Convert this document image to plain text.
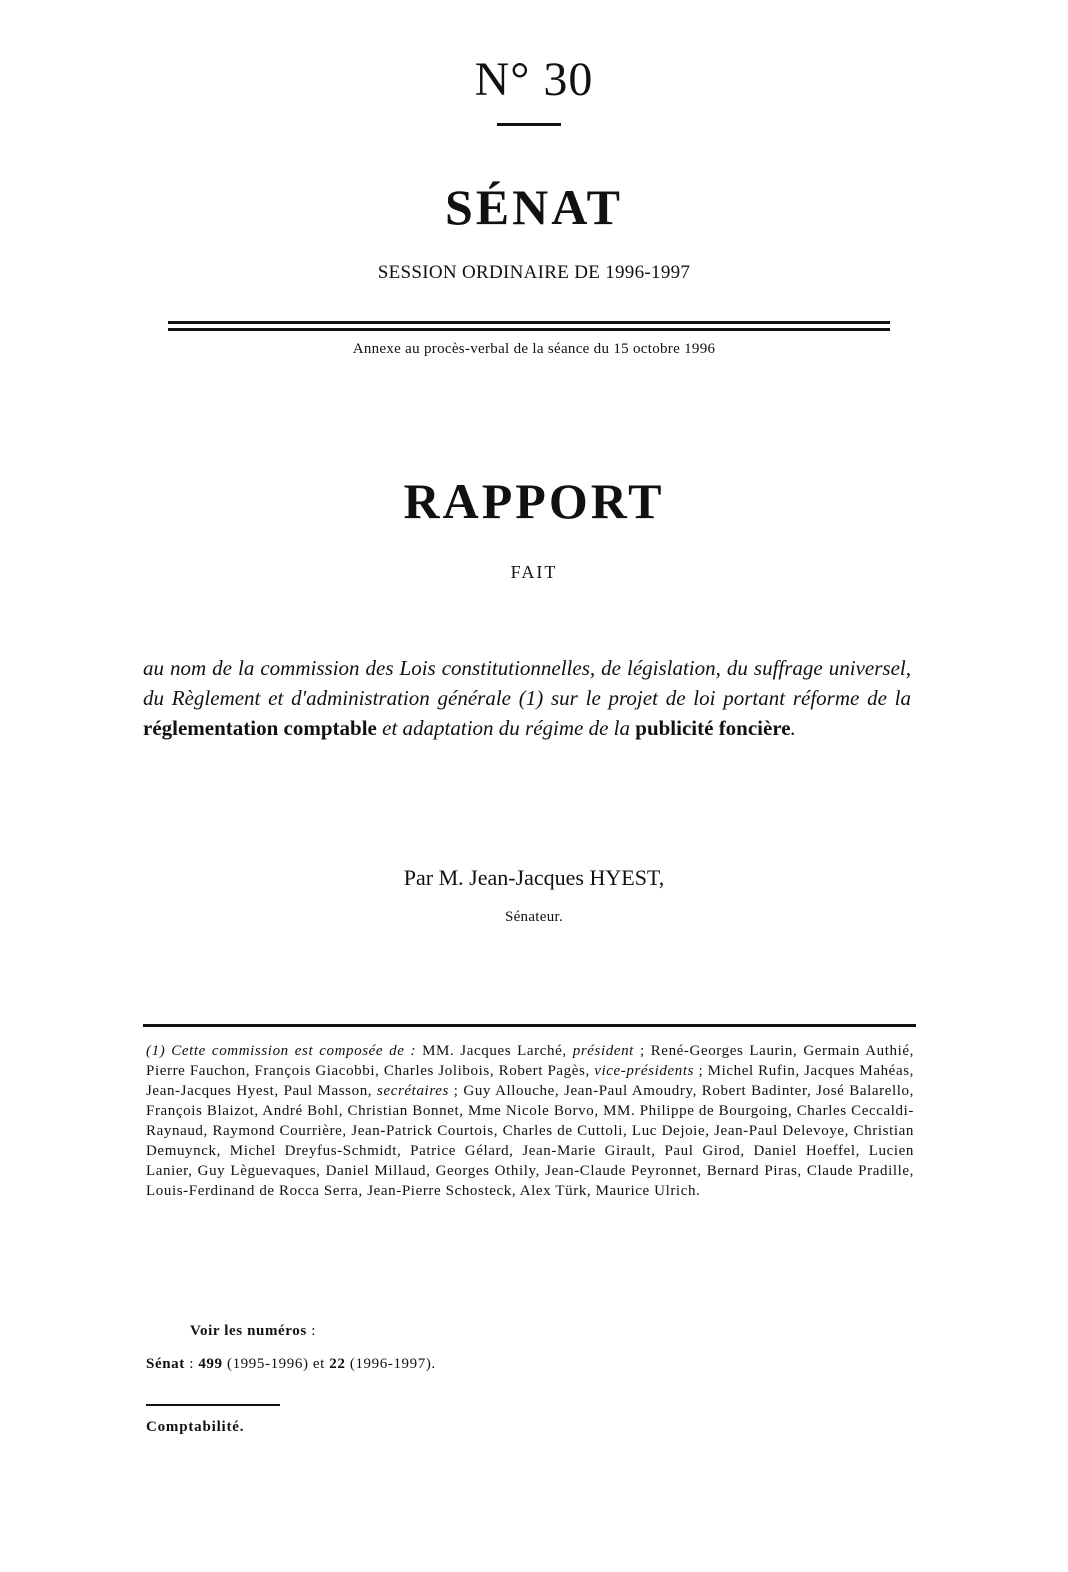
N° 30
SÉNAT
SESSION ORDINAIRE DE 1996-1997
Annexe au procès-verbal de la séance du 15 octobre 1996
RAPPORT
FAIT
au nom de la commission des Lois constitutionnelles, de législation, du suffrage universel, du Règlement et d'administration générale (1) sur le projet de loi portant réforme de la réglementation comptable et adaptation du régime de la publicité foncière.
Par M. Jean-Jacques HYEST,
Sénateur.
(1) Cette commission est composée de : MM. Jacques Larché, président ; René-Georges Laurin, Germain Authié, Pierre Fauchon, François Giacobbi, Charles Jolibois, Robert Pagès, vice-présidents ; Michel Rufin, Jacques Mahéas, Jean-Jacques Hyest, Paul Masson, secrétaires ; Guy Allouche, Jean-Paul Amoudry, Robert Badinter, José Balarello, François Blaizot, André Bohl, Christian Bonnet, Mme Nicole Borvo, MM. Philippe de Bourgoing, Charles Ceccaldi-Raynaud, Raymond Courrière, Jean-Patrick Courtois, Charles de Cuttoli, Luc Dejoie, Jean-Paul Delevoye, Christian Demuynck, Michel Dreyfus-Schmidt, Patrice Gélard, Jean-Marie Girault, Paul Girod, Daniel Hoeffel, Lucien Lanier, Guy Lèguevaques, Daniel Millaud, Georges Othily, Jean-Claude Peyronnet, Bernard Piras, Claude Pradille, Louis-Ferdinand de Rocca Serra, Jean-Pierre Schosteck, Alex Türk, Maurice Ulrich.
Voir les numéros :
Sénat : 499 (1995-1996) et 22 (1996-1997).
Comptabilité.
